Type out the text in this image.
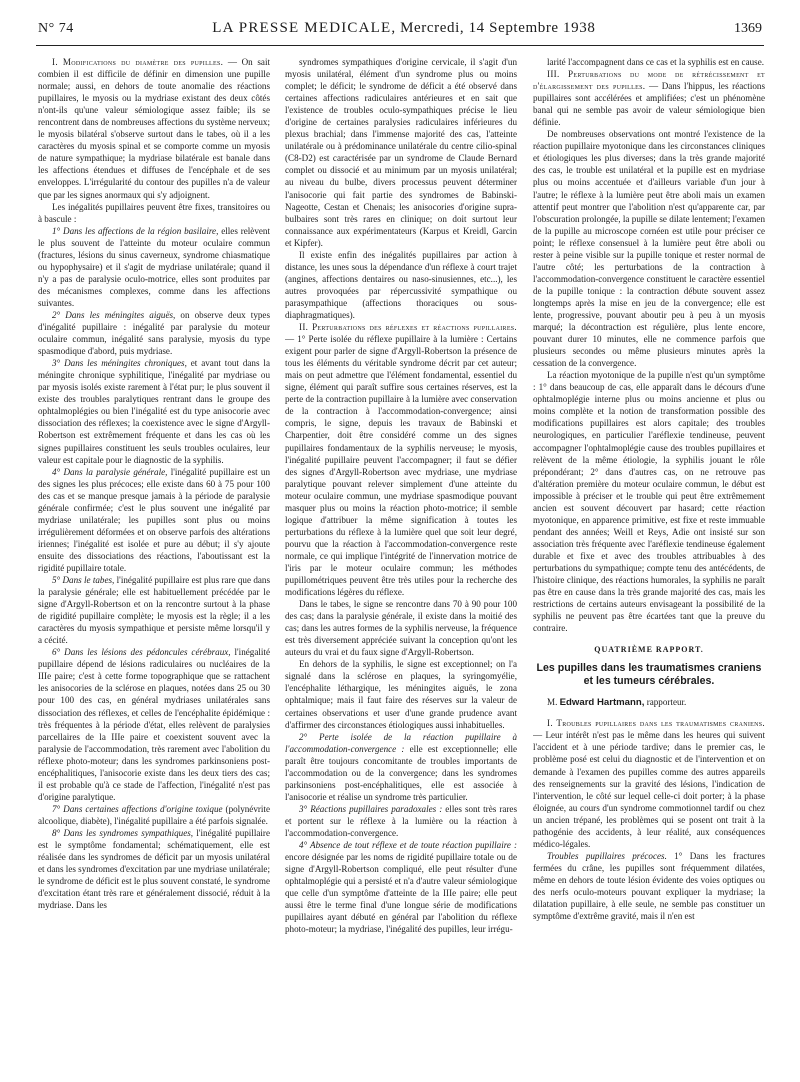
N° 74	LA PRESSE MEDICALE, Mercredi, 14 Septembre 1938	1369

I. Modifications du diamètre des pupilles. — On sait combien il est difficile de définir en dimension une pupille normale; aussi, en dehors de toute anomalie des réactions pupillaires, le myosis ou la mydriase existant des deux côtés n'ont-ils qu'une valeur sémiologique assez faible; ils se rencontrent dans de nombreuses affections du système nerveux; le myosis bilatéral s'observe surtout dans le tabes, où il a les caractères du myosis spinal et se comporte comme un myosis de nature sympathique; la mydriase bilatérale est banale dans les affections étendues et diffuses de l'encéphale et de ses enveloppes. L'irrégularité du contour des pupilles n'a de valeur que par les signes anormaux qui s'y adjoignent.

Les inégalités pupillaires peuvent être fixes, transitoires ou à bascule :

1° Dans les affections de la région basilaire, elles relèvent le plus souvent de l'atteinte du moteur oculaire commun (fractures, lésions du sinus caverneux, syndrome chiasmatique ou hypophysaire) et il s'agit de mydriase unilatérale; quand il n'y a pas de paralysie oculo-motrice, elles sont produites par des mécanismes complexes, comme dans les affections suivantes.

2° Dans les méningites aiguës, on observe deux types d'inégalité pupillaire : inégalité par paralysie du moteur oculaire commun, inégalité sans paralysie, myosis du type spasmodique d'abord, puis mydriase.

3° Dans les méningites chroniques, et avant tout dans la méningite chronique syphilitique, l'inégalité par mydriase ou par myosis isolés existe rarement à l'état pur; le plus souvent il existe des troubles paralytiques rentrant dans le groupe des ophtalmoplégies ou bien l'inégalité est du type anisocorie avec dissociation des réflexes; la coexistence avec le signe d'Argyll-Robertson est extrêmement fréquente et dans les cas où les signes pupillaires constituent les seuls troubles oculaires, leur valeur est capitale pour le diagnostic de la syphilis.

4° Dans la paralysie générale, l'inégalité pupillaire est un des signes les plus précoces; elle existe dans 60 à 75 pour 100 des cas et se manque presque jamais à la période de paralysie générale confirmée; c'est le plus souvent une inégalité par mydriase unilatérale; les pupilles sont plus ou moins irrégulièrement déformées et on observe parfois des altérations iriennes; l'inégalité est isolée et pure au début; il s'y ajoute ensuite des dissociations des réactions, l'aboutissant est la rigidité pupillaire totale.

5° Dans le tabes, l'inégalité pupillaire est plus rare que dans la paralysie générale; elle est habituellement précédée par le signe d'Argyll-Robertson et on la rencontre surtout à la phase de rigidité pupillaire complète; le myosis est la règle; il a les caractères du myosis sympathique et persiste même lorsqu'il y a cécité.

6° Dans les lésions des pédoncules cérébraux, l'inégalité pupillaire dépend de lésions radiculaires ou nucléaires de la IIIe paire; c'est à cette forme topographique que se rattachent les anisocories de la sclérose en plaques, notées dans 25 ou 30 pour 100 des cas, en général mydriases unilatérales sans dissociation des réflexes, et celles de l'encéphalite épidémique : très fréquentes à la période d'état, elles relèvent de paralysies parcellaires de la IIIe paire et coexistent souvent avec la paralysie de l'accommodation, très rarement avec l'abolition du réflexe photo-moteur; dans les syndromes parkinsoniens post-encéphalitiques, l'anisocorie existe dans les deux tiers des cas; il est probable qu'à ce stade de l'affection, l'inégalité n'est pas d'origine paralytique.

7° Dans certaines affections d'origine toxique (polynévrite alcoolique, diabète), l'inégalité pupillaire a été parfois signalée.

8° Dans les syndromes sympathiques, l'inégalité pupillaire est le symptôme fondamental; schématiquement, elle est réalisée dans les syndromes de déficit par un myosis unilatéral et dans les syndromes d'excitation par une mydriase unilatérale; le syndrome de déficit est le plus souvent constaté, le syndrome d'excitation étant très rare et généralement dissocié, réduit à la mydriase. Dans les

syndromes sympathiques d'origine cervicale, il s'agit d'un myosis unilatéral, élément d'un syndrome plus ou moins complet; le déficit; le syndrome de déficit a été observé dans certaines affections radiculaires antérieures et en sait que l'existence de troubles oculo-sympathiques précise le lieu d'origine de certaines paralysies radiculaires inférieures du plexus brachial; dans l'immense majorité des cas, l'atteinte unilatérale ou à prédominance unilatérale du centre cilio-spinal (C8-D2) est caractérisée par un syndrome de Claude Bernard complet ou dissocié et au minimum par un myosis unilatéral; au niveau du bulbe, divers processus peuvent déterminer l'anisocorie qui fait partie des syndromes de Babinski-Nageotte, Cestan et Chenais; les anisocories d'origine supra-bulbaires sont très rares en clinique; on doit surtout leur connaissance aux expérimentateurs (Karpus et Kreidl, Garcin et Kipfer).

Il existe enfin des inégalités pupillaires par action à distance, les unes sous la dépendance d'un réflexe à court trajet (angines, affections dentaires ou naso-sinusiennes, etc...), les autres provoquées par répercussivité sympathique ou parasympathique (affections thoraciques ou sous-diaphragmatiques).

II. Perturbations des réflexes et réactions pupillaires. — 1° Perte isolée du réflexe pupillaire à la lumière : Certains exigent pour parler de signe d'Argyll-Robertson la présence de tous les éléments du véritable syndrome décrit par cet auteur; mais on peut admettre que l'élément fondamental, essentiel du signe, élément qui paraît suffire sous certaines réserves, est la perte de la contraction pupillaire à la lumière avec conservation de la contraction à l'accommodation-convergence; ainsi compris, le signe, depuis les travaux de Babinski et Charpentier, doit être considéré comme un des signes pupillaires fondamentaux de la syphilis nerveuse; le myosis, l'inégalité pupillaire peuvent l'accompagner; il faut se défier des signes d'Argyll-Robertson avec mydriase, une mydriase paralytique pouvant relever simplement d'une atteinte du moteur oculaire commun, une mydriase spasmodique pouvant masquer plus ou moins la réaction photo-motrice; il semble logique d'attribuer la même signification à toutes les perturbations du réflexe à la lumière quel que soit leur degré, pourvu que la réaction à l'accommodation-convergence reste normale, ce qui implique l'intégrité de l'innervation motrice de l'iris par le moteur oculaire commun; les méthodes pupillométriques peuvent être très utiles pour la recherche des modifications légères du réflexe.

Dans le tabes, le signe se rencontre dans 70 à 90 pour 100 des cas; dans la paralysie générale, il existe dans la moitié des cas; dans les autres formes de la syphilis nerveuse, la fréquence est très diversement appréciée suivant la conception qu'ont les auteurs du vrai et du faux signe d'Argyll-Robertson.

En dehors de la syphilis, le signe est exceptionnel; on l'a signalé dans la sclérose en plaques, la syringomyélie, l'encéphalite léthargique, les méningites aiguës, le zona ophtalmique; mais il faut faire des réserves sur la valeur de certaines observations et user d'une grande prudence avant d'affirmer des circonstances étiologiques aussi inhabituelles.

2° Perte isolée de la réaction pupillaire à l'accommodation-convergence : elle est exceptionnelle; elle paraît être toujours concomitante de troubles importants de l'accommodation ou de la convergence; dans les syndromes parkinsoniens post-encéphalitiques, elle est associée à l'anisocorie et réalise un syndrome très particulier.

3° Réactions pupillaires paradoxales : elles sont très rares et portent sur le réflexe à la lumière ou la réaction à l'accommodation-convergence.

4° Absence de tout réflexe et de toute réaction pupillaire : encore désignée par les noms de rigidité pupillaire totale ou de signe d'Argyll-Robertson compliqué, elle peut résulter d'une ophtalmoplégie qui a persisté et n'a d'autre valeur sémiologique que celle d'un symptôme d'atteinte de la IIIe paire; elle peut aussi être le terme final d'une longue série de modifications pupillaires ayant débuté en général par l'abolition du réflexe photo-moteur; la mydriase, l'inégalité des pupilles, leur irrégu-

larité l'accompagnent dans ce cas et la syphilis est en cause.

III. Perturbations du mode de rétrécissement et d'élargissement des pupilles. — Dans l'hippus, les réactions pupillaires sont accélérées et amplifiées; c'est un phénomène banal qui ne semble pas avoir de valeur sémiologique bien définie.

De nombreuses observations ont montré l'existence de la réaction pupillaire myotonique dans les circonstances cliniques et étiologiques les plus diverses; dans la très grande majorité des cas, le trouble est unilatéral et la pupille est en mydriase plus ou moins accentuée et d'ailleurs variable d'un jour à l'autre; le réflexe à la lumière peut être aboli mais un examen attentif peut montrer que l'abolition n'est qu'apparente car, par l'obscuration prolongée, la pupille se dilate lentement; l'examen de la pupille au microscope cornéen est utile pour préciser ce point; le réflexe consensuel à la lumière peut être aboli ou rester à peine visible sur la pupille tonique et rester normal de l'autre côté; les perturbations de la contraction à l'accommodation-convergence constituent le caractère essentiel de la pupille tonique : la contraction débute souvent assez longtemps après la mise en jeu de la convergence; elle est lente, progressive, pouvant aboutir peu à peu à un myosis marqué; la décontraction est régulière, plus lente encore, pouvant durer 10 minutes, elle ne commence parfois que plusieurs secondes ou même plusieurs minutes après la cessation de la convergence.

La réaction myotonique de la pupille n'est qu'un symptôme : 1° dans beaucoup de cas, elle apparaît dans le décours d'une ophtalmoplégie interne plus ou moins ancienne et plus ou moins complète et la notion de transformation possible des modifications pupillaires est alors capitale; des troubles neurologiques, en particulier l'aréflexie tendineuse, peuvent accompagner l'ophtalmoplégie cause des troubles pupillaires et relèvent de la même étiologie, la syphilis jouant le rôle prépondérant; 2° dans d'autres cas, on ne retrouve pas d'altération première du moteur oculaire commun, le début est impossible à préciser et le trouble qui peut être extrêmement ancien est souvent découvert par hasard; cette réaction myotonique, en apparence primitive, est fixe et reste immuable pendant des années; Weill et Reys, Adie ont insisté sur son association très fréquente avec l'aréflexie tendineuse également durable et fixe et avec des troubles attribuables à des perturbations du sympathique; compte tenu des antécédents, de l'histoire clinique, des réactions humorales, la syphilis ne paraît pas être en cause dans la très grande majorité des cas, mais les restrictions de certains auteurs envisageant la possibilité de la syphilis ne peuvent pas être écartées tant que la preuve du contraire.

QUATRIÈME RAPPORT.
Les pupilles dans les traumatismes craniens et les tumeurs cérébrales.
M. Edward Hartmann, rapporteur.

I. Troubles pupillaires dans les traumatismes craniens. — Leur intérêt n'est pas le même dans les heures qui suivent l'accident et à une période tardive; dans le premier cas, le problème posé est celui du diagnostic et de l'intervention et on demande à l'examen des pupilles comme des autres appareils des renseignements sur la gravité des lésions, l'indication de l'intervention, le côté sur lequel celle-ci doit porter; à la phase éloignée, au cours d'un syndrome commotionnel tardif ou chez un ancien trépané, les problèmes qui se posent ont trait à la pathogénie des accidents, à leur réalité, aux conséquences médico-légales.

Troubles pupillaires précoces. 1° Dans les fractures fermées du crâne, les pupilles sont fréquemment dilatées, même en dehors de toute lésion évidente des voies optiques ou des nerfs oculo-moteurs pouvant expliquer la mydriase; la dilatation pupillaire, à elle seule, ne semble pas constituer un symptôme d'extrême gravité, mais il n'en est
